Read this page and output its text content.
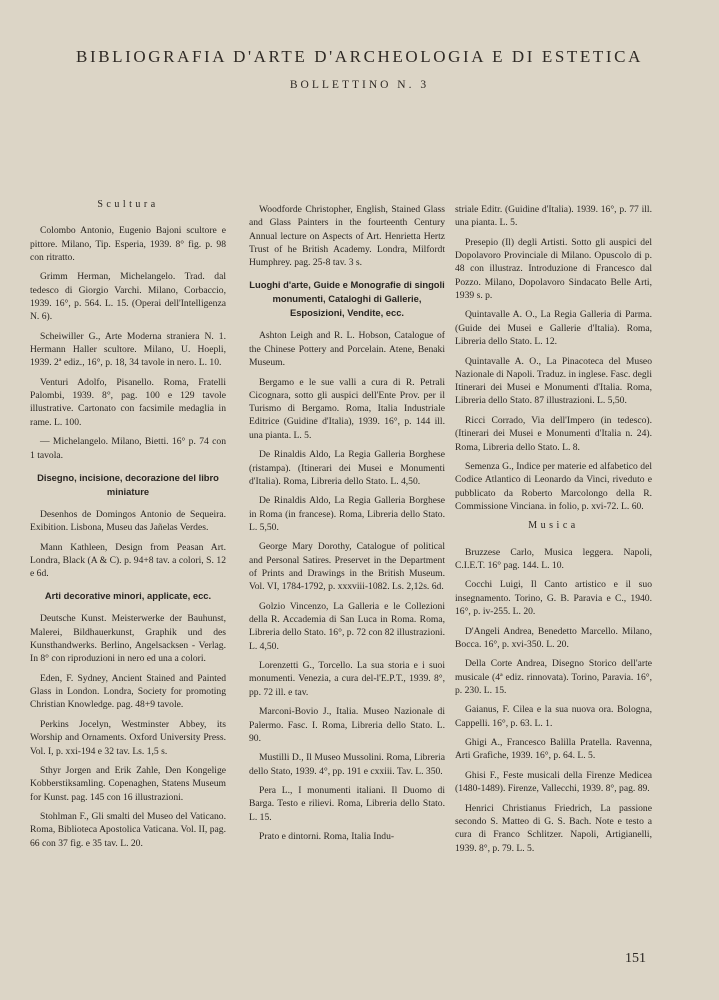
BIBLIOGRAFIA D'ARTE D'ARCHEOLOGIA E DI ESTETICA
BOLLETTINO N. 3
Scultura
Colombo Antonio, Eugenio Bajoni scultore e pittore. Milano, Tip. Esperia, 1939. 8° fig. p. 98 con ritratto.
Grimm Herman, Michelangelo. Trad. dal tedesco di Giorgio Varchi. Milano, Corbaccio, 1939. 16°, p. 564. L. 15. (Operai dell'Intelligenza N. 6).
Scheiwiller G., Arte Moderna straniera N. 1. Hermann Haller scultore. Milano, U. Hoepli, 1939. 2ª ediz., 16°, p. 18, 34 tavole in nero. L. 10.
Venturi Adolfo, Pisanello. Roma, Fratelli Palombi, 1939. 8°, pag. 100 e 129 tavole illustrative. Cartonato con facsimile medaglia in rame. L. 100.
— Michelangelo. Milano, Bietti. 16° p. 74 con 1 tavola.
Disegno, incisione, decorazione del libro miniature
Desenhos de Domingos Antonio de Sequeira. Exibition. Lisbona, Museu das Jañelas Verdes.
Mann Kathleen, Design from Peasan Art. Londra, Black (A & C). p. 94+8 tav. a colori, S. 12 e 6d.
Arti decorative minori, applicate, ecc.
Deutsche Kunst. Meisterwerke der Bauhunst, Malerei, Bildhauerkunst, Graphik und des Kunsthandwerks. Berlino, Angelsacksen - Verlag. In 8° con riproduzioni in nero ed una a colori.
Eden, F. Sydney, Ancient Stained and Painted Glass in London. Londra, Society for promoting Christian Knowledge. pag. 48+9 tavole.
Perkins Jocelyn, Westminster Abbey, its Worship and Ornaments. Oxford University Press. Vol. I, p. xxi-194 e 32 tav. Ls. 1,5 s.
Sthyr Jorgen and Erik Zahle, Den Kongelige Kobberstiksamling. Copenaghen, Statens Museum for Kunst. pag. 145 con 16 illustrazioni.
Stohlman F., Gli smalti del Museo del Vaticano. Roma, Biblioteca Apostolica Vaticana. Vol. II, pag. 66 con 37 fig. e 35 tav. L. 20.
Woodforde Christopher, English, Stained Glass and Glass Painters in the fourteenth Century Annual lecture on Aspects of Art. Henrietta Hertz Trust of he British Academy. Londra, Milfordt Humphrey. pag. 25-8 tav. 3 s.
Luoghi d'arte, Guide e Monografie di singoli monumenti, Cataloghi di Gallerie, Esposizioni, Vendite, ecc.
Ashton Leigh and R. L. Hobson, Catalogue of the Chinese Pottery and Porcelain. Atene, Benaki Museum.
Bergamo e le sue valli a cura di R. Petrali Cicognara, sotto gli auspici dell'Ente Prov. per il Turismo di Bergamo. Roma, Italia Industriale Editrice (Guidine d'Italia), 1939. 16°, p. 144 ill. una pianta. L. 5.
De Rinaldis Aldo, La Regia Galleria Borghese (ristampa). (Itinerari dei Musei e Monumenti d'Italia). Roma, Libreria dello Stato. L. 4,50.
De Rinaldis Aldo, La Regia Galleria Borghese in Roma (in francese). Roma, Libreria dello Stato. L. 5,50.
George Mary Dorothy, Catalogue of political and Personal Satires. Preservet in the Department of Prints and Drawings in the British Museum. Vol. VI, 1784-1792, p. xxxviii-1082. Ls. 2,12s. 6d.
Golzio Vincenzo, La Galleria e le Collezioni della R. Accademia di San Luca in Roma. Roma, Libreria dello Stato. 16°, p. 72 con 82 illustrazioni. L. 4,50.
Lorenzetti G., Torcello. La sua storia e i suoi monumenti. Venezia, a cura del-l'E.P.T., 1939. 8°, pp. 72 ill. e tav.
Marconi-Bovio J., Italia. Museo Nazionale di Palermo. Fasc. I. Roma, Libreria dello Stato. L. 90.
Mustilli D., Il Museo Mussolini. Roma, Libreria dello Stato, 1939. 4°, pp. 191 e cxxiii. Tav. L. 350.
Pera L., I monumenti italiani. Il Duomo di Barga. Testo e rilievi. Roma, Libreria dello Stato. L. 15.
Prato e dintorni. Roma, Italia Indu-
striale Editr. (Guidine d'Italia). 1939. 16°, p. 77 ill. una pianta. L. 5.
Presepio (Il) degli Artisti. Sotto gli auspici del Dopolavoro Provinciale di Milano. Opuscolo di p. 48 con illustraz. Introduzione di Francesco dal Pozzo. Milano, Dopolavoro Sindacato Belle Arti, 1939 s. p.
Quintavalle A. O., La Regia Galleria di Parma. (Guide dei Musei e Gallerie d'Italia). Roma, Libreria dello Stato. L. 12.
Quintavalle A. O., La Pinacoteca del Museo Nazionale di Napoli. Traduz. in inglese. Fasc. degli Itinerari dei Musei e Monumenti d'Italia. Roma, Libreria dello Stato. 87 illustrazioni. L. 5,50.
Ricci Corrado, Via dell'Impero (in tedesco). (Itinerari dei Musei e Monumenti d'Italia n. 24). Roma, Libreria dello Stato. L. 8.
Semenza G., Indice per materie ed alfabetico del Codice Atlantico di Leonardo da Vinci, riveduto e pubblicato da Roberto Marcolongo della R. Commissione Vinciana. in folio, p. xvi-72. L. 60.
Musica
Bruzzese Carlo, Musica leggera. Napoli, C.I.E.T. 16° pag. 144. L. 10.
Cocchi Luigi, Il Canto artistico e il suo insegnamento. Torino, G. B. Paravia e C., 1940. 16°, p. iv-255. L. 20.
D'Angeli Andrea, Benedetto Marcello. Milano, Bocca. 16°, p. xvi-350. L. 20.
Della Corte Andrea, Disegno Storico dell'arte musicale (4ª ediz. rinnovata). Torino, Paravia. 16°, p. 230. L. 15.
Gaianus, F. Cilea e la sua nuova ora. Bologna, Cappelli. 16°, p. 63. L. 1.
Ghigi A., Francesco Balilla Pratella. Ravenna, Arti Grafiche, 1939. 16°, p. 64. L. 5.
Ghisi F., Feste musicali della Firenze Medicea (1480-1489). Firenze, Vallecchi, 1939. 8°, pag. 89.
Henrici Christianus Friedrich, La passione secondo S. Matteo di G. S. Bach. Note e testo a cura di Franco Schlitzer. Napoli, Artigianelli, 1939. 8°, p. 79. L. 5.
151
